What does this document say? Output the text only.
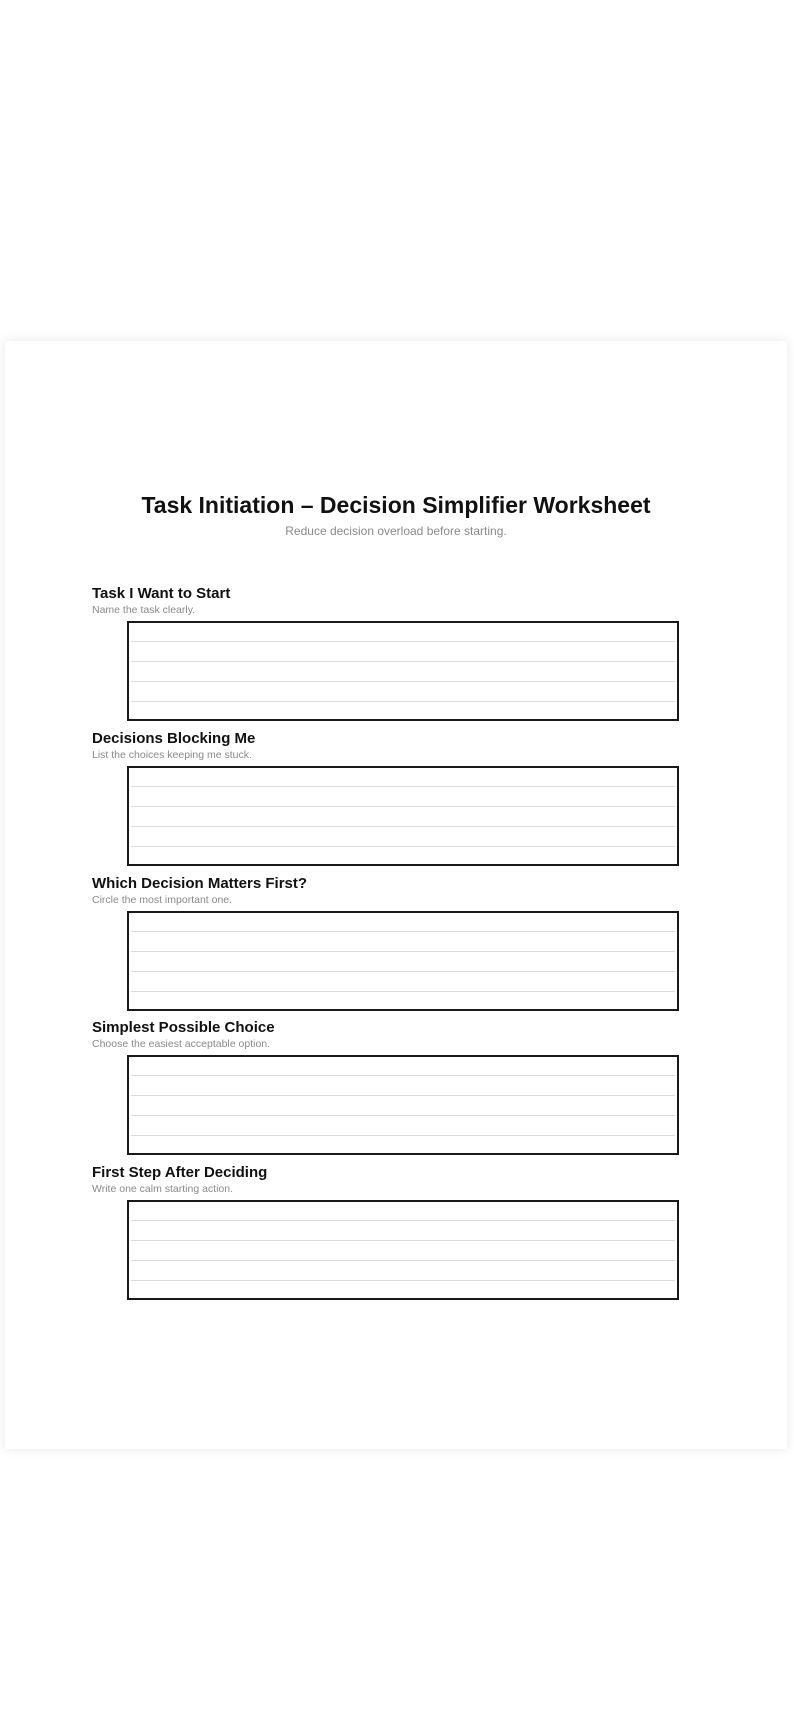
Task Initiation – Decision Simplifier Worksheet

Reduce decision overload before starting.

Task I Want to Start

Name the task clearly.

Decisions Blocking Me

List the choices keeping me stuck.

Which Decision Matters First?

Circle the most important one.

Simplest Possible Choice

Choose the easiest acceptable option.

First Step After Deciding

Write one calm starting action.
